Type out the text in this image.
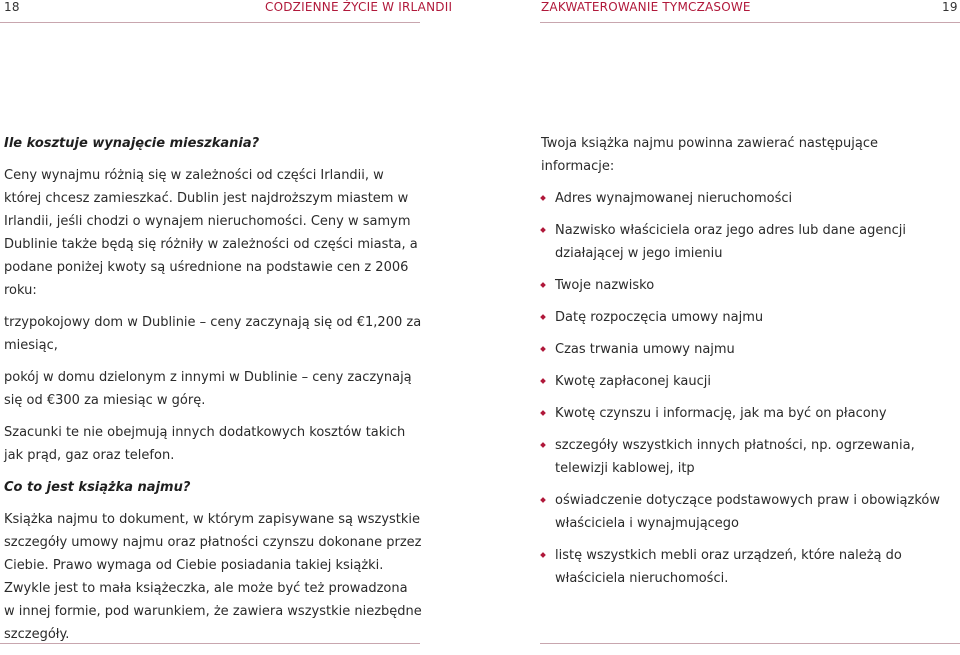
18	CODZIENNE ŻYCIE W IRLANDII	ZAKWATEROWANIE TYMCZASOWE	19

Ile kosztuje wynajęcie mieszkania?

Ceny wynajmu różnią się w zależności od części Irlandii, w której chcesz zamieszkać. Dublin jest najdroższym miastem w Irlandii, jeśli chodzi o wynajem nieruchomości. Ceny w samym Dublinie także będą się różniły w zależności od części miasta, a podane poniżej kwoty są uśrednione na podstawie cen z 2006 roku:

trzypokojowy dom w Dublinie – ceny zaczynają się od €1,200 za miesiąc,

pokój w domu dzielonym z innymi w Dublinie – ceny zaczynają się od €300 za miesiąc w górę.

Szacunki te nie obejmują innych dodatkowych kosztów takich jak prąd, gaz oraz telefon.

Co to jest książka najmu?

Książka najmu to dokument, w którym zapisywane są wszystkie szczegóły umowy najmu oraz płatności czynszu dokonane przez Ciebie. Prawo wymaga od Ciebie posiadania takiej książki. Zwykle jest to mała książeczka, ale może być też prowadzona w innej formie, pod warunkiem, że zawiera wszystkie niezbędne szczegóły.

Twoja książka najmu powinna zawierać następujące informacje:

Adres wynajmowanej nieruchomości
Nazwisko właściciela oraz jego adres lub dane agencji działającej w jego imieniu
Twoje nazwisko
Datę rozpoczęcia umowy najmu
Czas trwania umowy najmu
Kwotę zapłaconej kaucji
Kwotę czynszu i informację, jak ma być on płacony
szczegóły wszystkich innych płatności, np. ogrzewania, telewizji kablowej, itp
oświadczenie dotyczące podstawowych praw i obowiązków właściciela i wynajmującego
listę wszystkich mebli oraz urządzeń, które należą do właściciela nieruchomości.
